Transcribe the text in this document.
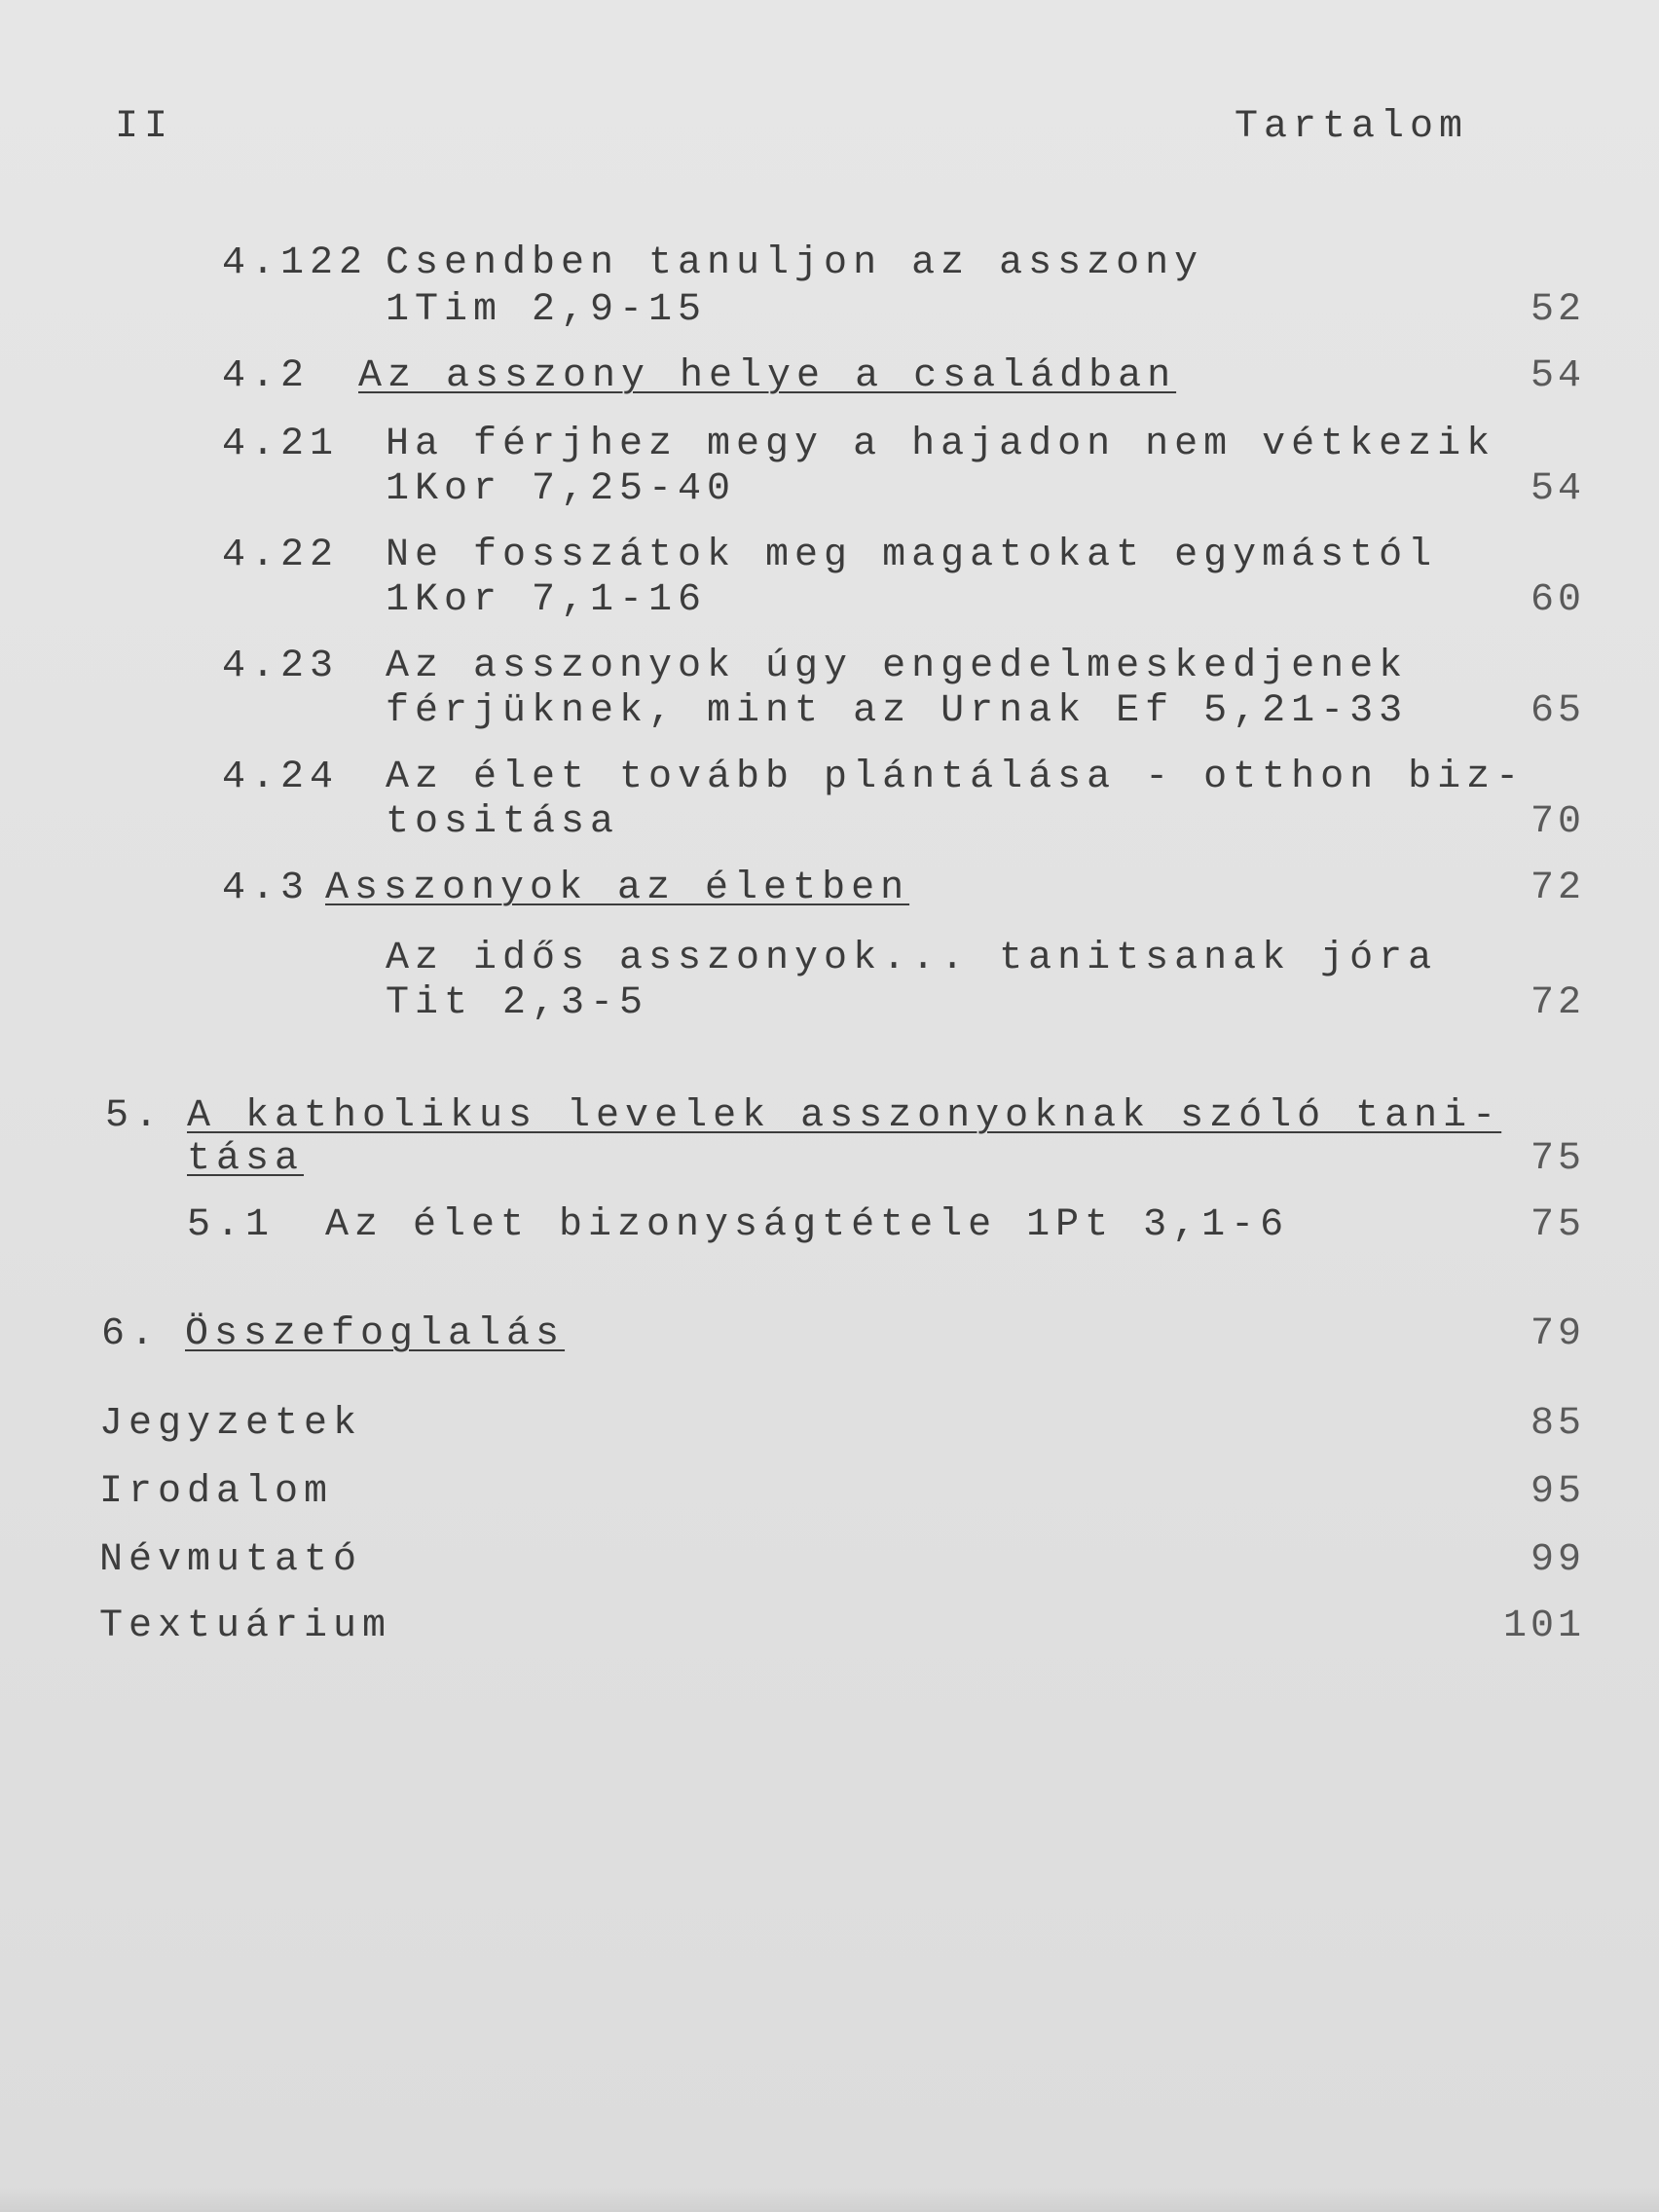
II	Tartalom
4.122 Csendben tanuljon az asszony
1Tim 2,9-15	52
4.2 Az asszony helye a családban	54
4.21 Ha férjhez megy a hajadon nem vétkezik
1Kor 7,25-40	54
4.22 Ne fosszátok meg magatokat egymástól
1Kor 7,1-16	60
4.23 Az asszonyok úgy engedelmeskedjenek
férjüknek, mint az Urnak Ef 5,21-33	65
4.24 Az élet tovább plántálása - otthon biz-
tositása	70
4.3 Asszonyok az életben	72
Az idős asszonyok... tanitsanak jóra
Tit 2,3-5	72
5. A katholikus levelek asszonyoknak szóló tani-
tása	75
5.1 Az élet bizonyságtétele 1Pt 3,1-6	75
6. Összefoglalás	79
Jegyzetek	85
Irodalom	95
Névmutató	99
Textuárium	101
